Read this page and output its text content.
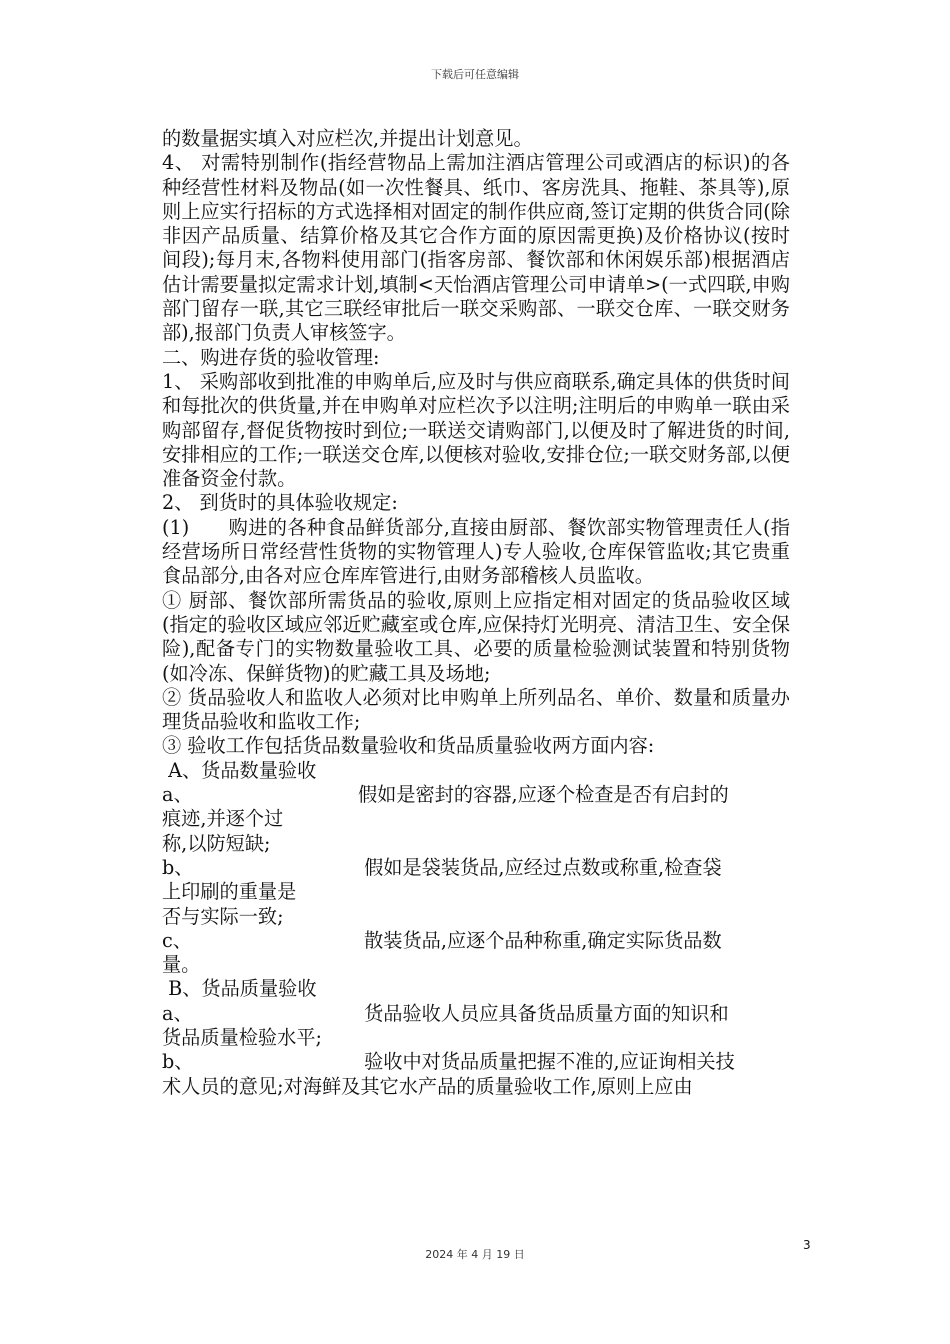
下载后可任意编辑

的数量据实填入对应栏次,并提出计划意见。

4、 对需特别制作(指经营物品上需加注酒店管理公司或酒店的标识)的各种经营性材料及物品(如一次性餐具、纸巾、客房洗具、拖鞋、茶具等),原则上应实行招标的方式选择相对固定的制作供应商,签订定期的供货合同(除非因产品质量、结算价格及其它合作方面的原因需更换)及价格协议(按时间段);每月末,各物料使用部门(指客房部、餐饮部和休闲娱乐部)根据酒店估计需要量拟定需求计划,填制<天怡酒店管理公司申请单>(一式四联,申购部门留存一联,其它三联经审批后一联交采购部、一联交仓库、一联交财务部),报部门负责人审核签字。

二、购进存货的验收管理:

1、 采购部收到批准的申购单后,应及时与供应商联系,确定具体的供货时间和每批次的供货量,并在申购单对应栏次予以注明;注明后的申购单一联由采购部留存,督促货物按时到位;一联送交请购部门,以便及时了解进货的时间,安排相应的工作;一联送交仓库,以便核对验收,安排仓位;一联交财务部,以便准备资金付款。

2、 到货时的具体验收规定:

(1)　　购进的各种食品鲜货部分,直接由厨部、餐饮部实物管理责任人(指经营场所日常经营性货物的实物管理人)专人验收,仓库保管监收;其它贵重食品部分,由各对应仓库库管进行,由财务部稽核人员监收。

① 厨部、餐饮部所需货品的验收,原则上应指定相对固定的货品验收区域(指定的验收区域应邻近贮藏室或仓库,应保持灯光明亮、清洁卫生、安全保险),配备专门的实物数量验收工具、必要的质量检验测试装置和特别货物(如冷冻、保鲜货物)的贮藏工具及场地;

② 货品验收人和监收人必须对比申购单上所列品名、单价、数量和质量办理货品验收和监收工作;

③ 验收工作包括货品数量验收和货品质量验收两方面内容:

A、货品数量验收

a、	假如是密封的容器,应逐个检查是否有启封的

痕迹,并逐个过

称,以防短缺;

b、	假如是袋装货品,应经过点数或称重,检查袋

上印刷的重量是

否与实际一致;

c、	散装货品,应逐个品种称重,确定实际货品数

量。

B、货品质量验收

a、	货品验收人员应具备货品质量方面的知识和

货品质量检验水平;

b、	验收中对货品质量把握不准的,应证询相关技

术人员的意见;对海鲜及其它水产品的质量验收工作,原则上应由

3
2024 年 4 月 19 日
